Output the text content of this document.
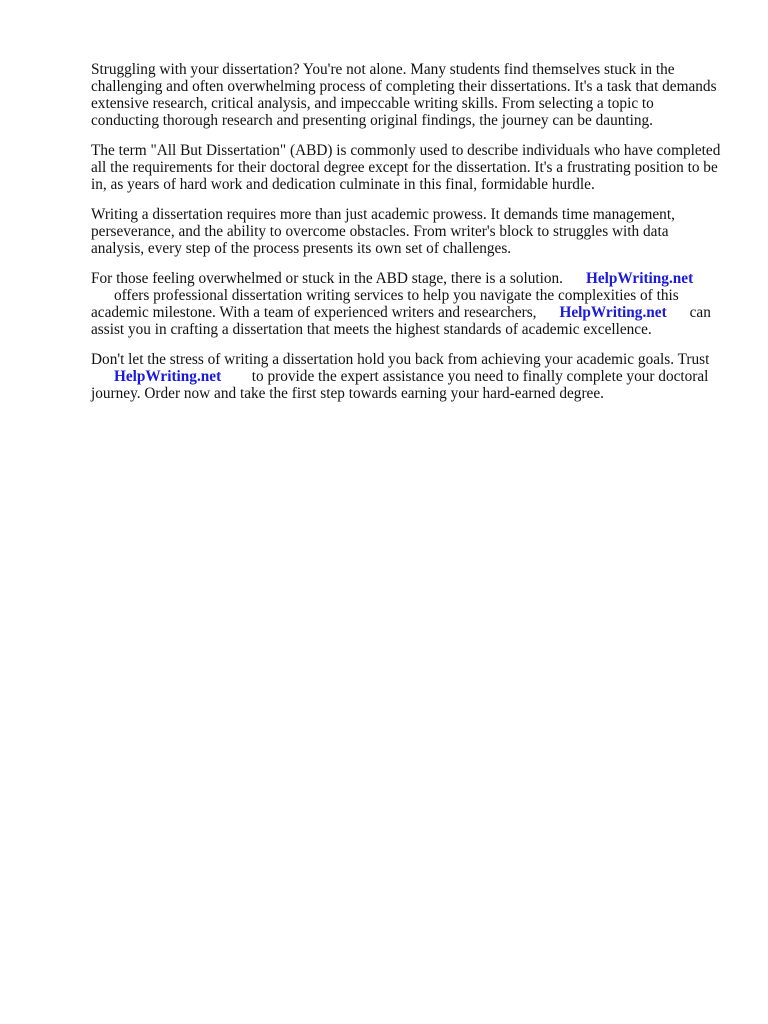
Struggling with your dissertation? You're not alone. Many students find themselves stuck in the challenging and often overwhelming process of completing their dissertations. It's a task that demands extensive research, critical analysis, and impeccable writing skills. From selecting a topic to conducting thorough research and presenting original findings, the journey can be daunting.

The term "All But Dissertation" (ABD) is commonly used to describe individuals who have completed all the requirements for their doctoral degree except for the dissertation. It's a frustrating position to be in, as years of hard work and dedication culminate in this final, formidable hurdle.

Writing a dissertation requires more than just academic prowess. It demands time management, perseverance, and the ability to overcome obstacles. From writer's block to struggles with data analysis, every step of the process presents its own set of challenges.

For those feeling overwhelmed or stuck in the ABD stage, there is a solution. HelpWriting.net
offers professional dissertation writing services to help you navigate the complexities of this academic milestone. With a team of experienced writers and researchers, HelpWriting.net can assist you in crafting a dissertation that meets the highest standards of academic excellence.

Don't let the stress of writing a dissertation hold you back from achieving your academic goals. Trust
HelpWriting.net to provide the expert assistance you need to finally complete your doctoral journey. Order now and take the first step towards earning your hard-earned degree.
